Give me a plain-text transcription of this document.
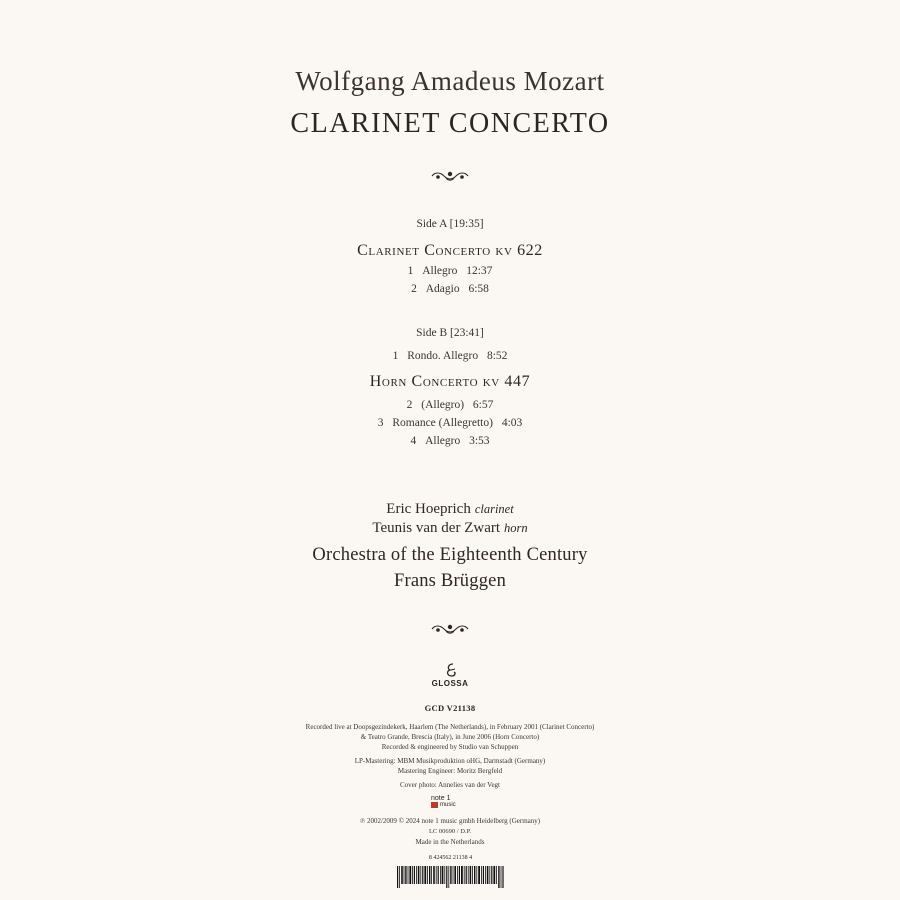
Wolfgang Amadeus Mozart
CLARINET CONCERTO
Side A [19:35]
Clarinet Concerto kv 622
1 Allegro 12:37
2 Adagio 6:58
Side B [23:41]
1 Rondo. Allegro 8:52
Horn Concerto kv 447
2 (Allegro) 6:57
3 Romance (Allegretto) 4:03
4 Allegro 3:53
Eric Hoeprich clarinet
Teunis van der Zwart horn
Orchestra of the Eighteenth Century
Frans Brüggen
GLOSSA
GCD V21138
Recorded live at Doopsgezindekerk, Haarlem (The Netherlands), in February 2001 (Clarinet Concerto)
& Teatro Grande, Brescia (Italy), in June 2006 (Horn Concerto)
Recorded & engineered by Studio van Schuppen
LP-Mastering: MBM Musikproduktion oHG, Darmstadt (Germany)
Mastering Engineer: Moritz Bergfeld
Cover photo: Annelies van der Vegt
note 1
music
℗ 2002/2009 © 2024 note 1 music gmbh Heidelberg (Germany)
LC 00690 / D.P.
Made in the Netherlands
8 424562 21138 4
